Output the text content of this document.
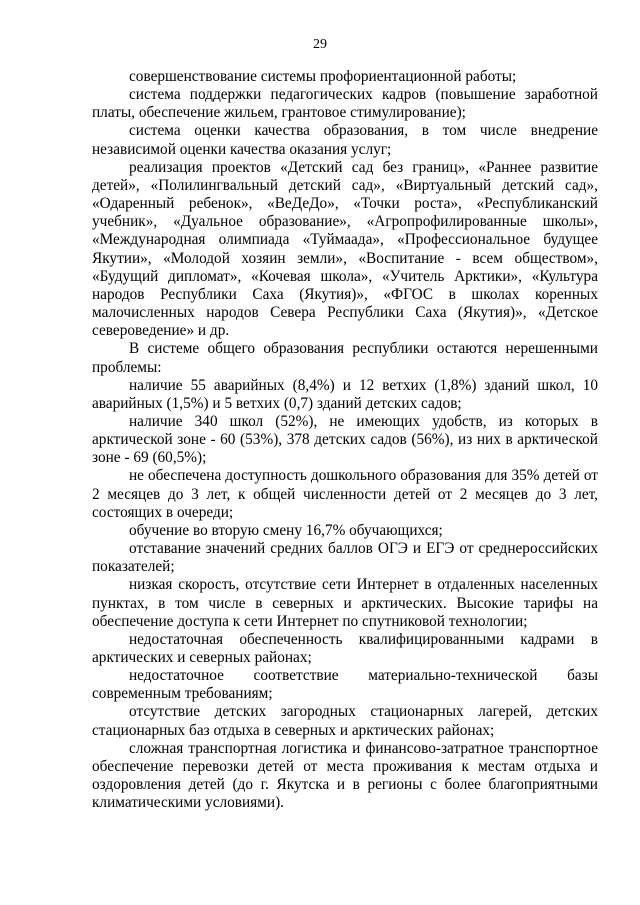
29

совершенствование системы профориентационной работы;

система поддержки педагогических кадров (повышение заработной платы, обеспечение жильем, грантовое стимулирование);

система оценки качества образования, в том числе внедрение независимой оценки качества оказания услуг;

реализация проектов «Детский сад без границ», «Раннее развитие детей», «Полилингвальный детский сад», «Виртуальный детский сад», «Одаренный ребенок», «ВеДеДо», «Точки роста», «Республиканский учебник», «Дуальное образование», «Агропрофилированные школы», «Международная олимпиада «Туймаада», «Профессиональное будущее Якутии», «Молодой хозяин земли», «Воспитание - всем обществом», «Будущий дипломат», «Кочевая школа», «Учитель Арктики», «Культура народов Республики Саха (Якутия)», «ФГОС в школах коренных малочисленных народов Севера Республики Саха (Якутия)», «Детское североведение» и др.

В системе общего образования республики остаются нерешенными проблемы:

наличие 55 аварийных (8,4%) и 12 ветхих (1,8%) зданий школ, 10 аварийных (1,5%) и 5 ветхих (0,7) зданий детских садов;

наличие 340 школ (52%), не имеющих удобств, из которых в арктической зоне - 60 (53%), 378 детских садов (56%), из них в арктической зоне - 69 (60,5%);

не обеспечена доступность дошкольного образования для 35% детей от 2 месяцев до 3 лет, к общей численности детей от 2 месяцев до 3 лет, состоящих в очереди;

обучение во вторую смену 16,7% обучающихся;

отставание значений средних баллов ОГЭ и ЕГЭ от среднероссийских показателей;

низкая скорость, отсутствие сети Интернет в отдаленных населенных пунктах, в том числе в северных и арктических. Высокие тарифы на обеспечение доступа к сети Интернет по спутниковой технологии;

недостаточная обеспеченность квалифицированными кадрами в арктических и северных районах;

недостаточное соответствие материально-технической базы современным требованиям;

отсутствие детских загородных стационарных лагерей, детских стационарных баз отдыха в северных и арктических районах;

сложная транспортная логистика и финансово-затратное транспортное обеспечение перевозки детей от места проживания к местам отдыха и оздоровления детей (до г. Якутска и в регионы с более благоприятными климатическими условиями).
